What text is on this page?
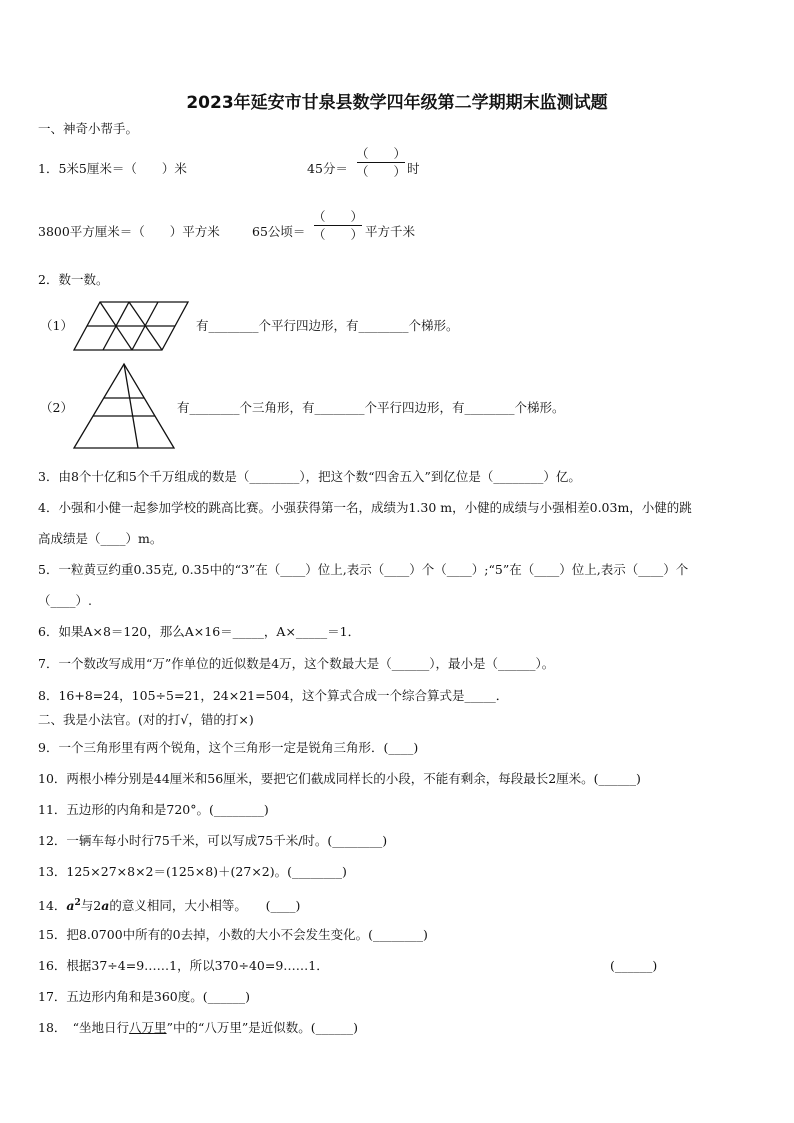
2023年延安市甘泉县数学四年级第二学期期末监测试题
一、神奇小帮手。
1．5米5厘米＝（　　）米	45分＝
（　　）
（　　） 时
3800平方厘米＝（　　）平方米	65公顷＝
（　　）
（　　） 平方千米
2．数一数。
（1）	有________个平行四边形，有________个梯形。
（2）	有________个三角形，有________个平行四边形，有________个梯形。
3．由8个十亿和5个千万组成的数是（________），把这个数“四舍五入”到亿位是（________）亿。
4．小强和小健一起参加学校的跳高比赛。小强获得第一名，成绩为1.30 m，小健的成绩与小强相差0.03m，小健的跳
高成绩是（____）m。
5．一粒黄豆约重0.35克, 0.35中的“3”在（____）位上,表示（____）个（____）;“5”在（____）位上,表示（____）个
（____）.
6．如果A×8＝120，那么A×16＝_____，A×_____＝1．
7．一个数改写成用“万”作单位的近似数是4万，这个数最大是（______），最小是（______）。
8．16+8=24，105÷5=21，24×21=504，这个算式合成一个综合算式是_____．
二、我是小法官。(对的打√，错的打×)
9．一个三角形里有两个锐角，这个三角形一定是锐角三角形．(____)
10．两根小棒分别是44厘米和56厘米，要把它们截成同样长的小段，不能有剩余，每段最长2厘米。(______)
11．五边形的内角和是720°。(________)
12．一辆车每小时行75千米，可以写成75千米/时。(________)
13．125×27×8×2＝(125×8)＋(27×2)。(________)
14．$a^2$与2a的意义相同，大小相等。　　(____)
15．把8.0700中所有的0去掉，小数的大小不会发生变化。(________)
16．根据37÷4=9……1，所以370÷40=9……1．	(______)
17．五边形内角和是360度。(______)
18．　“坐地日行八万里”中的“八万里”是近似数。(______)
